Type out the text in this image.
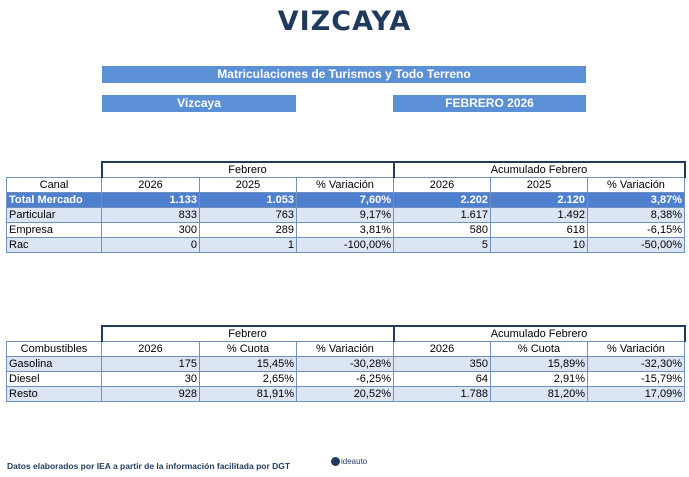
VIZCAYA
Matriculaciones de Turismos y Todo Terreno
Vizcaya	FEBRERO 2026
	Febrero			Acumulado Febrero		
Canal	2026	2025	% Variación	2026	2025	% Variación
Total Mercado	1.133	1.053	7,60%	2.202	2.120	3,87%
Particular	833	763	9,17%	1.617	1.492	8,38%
Empresa	300	289	3,81%	580	618	-6,15%
Rac	0	1	-100,00%	5	10	-50,00%
	Febrero			Acumulado Febrero		
Combustibles	2026	% Cuota	% Variación	2026	% Cuota	% Variación
Gasolina	175	15,45%	-30,28%	350	15,89%	-32,30%
Diesel	30	2,65%	-6,25%	64	2,91%	-15,79%
Resto	928	81,91%	20,52%	1.788	81,20%	17,09%
Datos elaborados por IEA a partir de la información facilitada por DGT	ideauto
